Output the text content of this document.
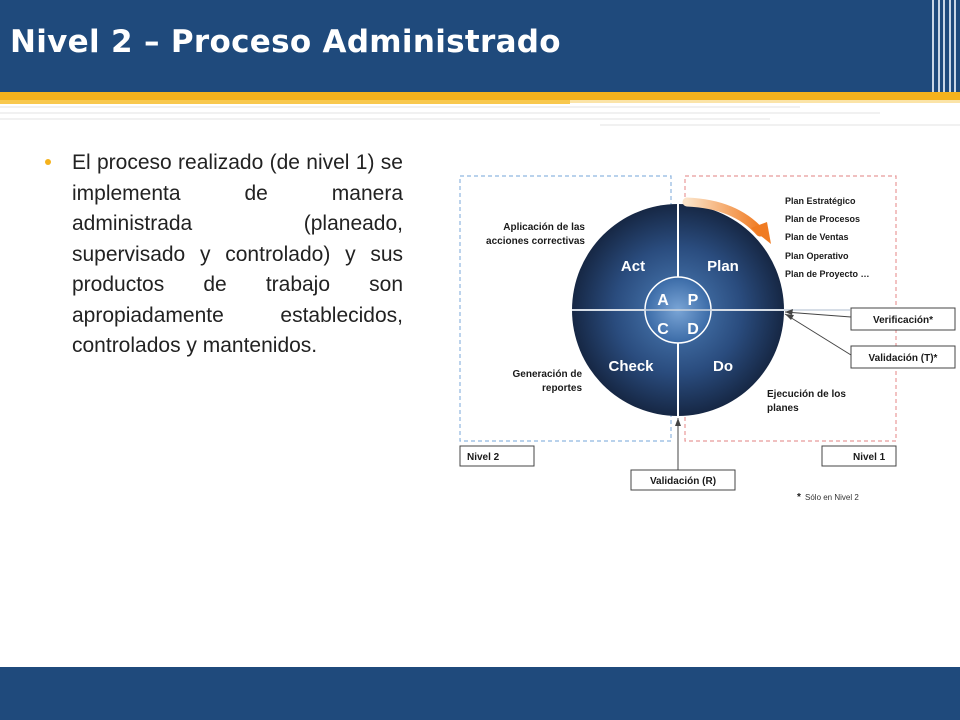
Nivel 2 – Proceso Administrado
El proceso realizado (de nivel 1) se implementa de manera administrada (planeado, supervisado y controlado) y sus productos de trabajo son apropiadamente establecidos, controlados y mantenidos.
Act	Plan
Check	Do
A P
C D
Plan Estratégico
Plan de Procesos
Plan de Ventas
Plan Operativo
Plan de Proyecto …
Aplicación de las
acciones correctivas
Generación de
reportes
Ejecución de los
planes
Verificación*
Validación (T)*
Nivel 2	Nivel 1
Validación (R)
* Sólo en Nivel 2
